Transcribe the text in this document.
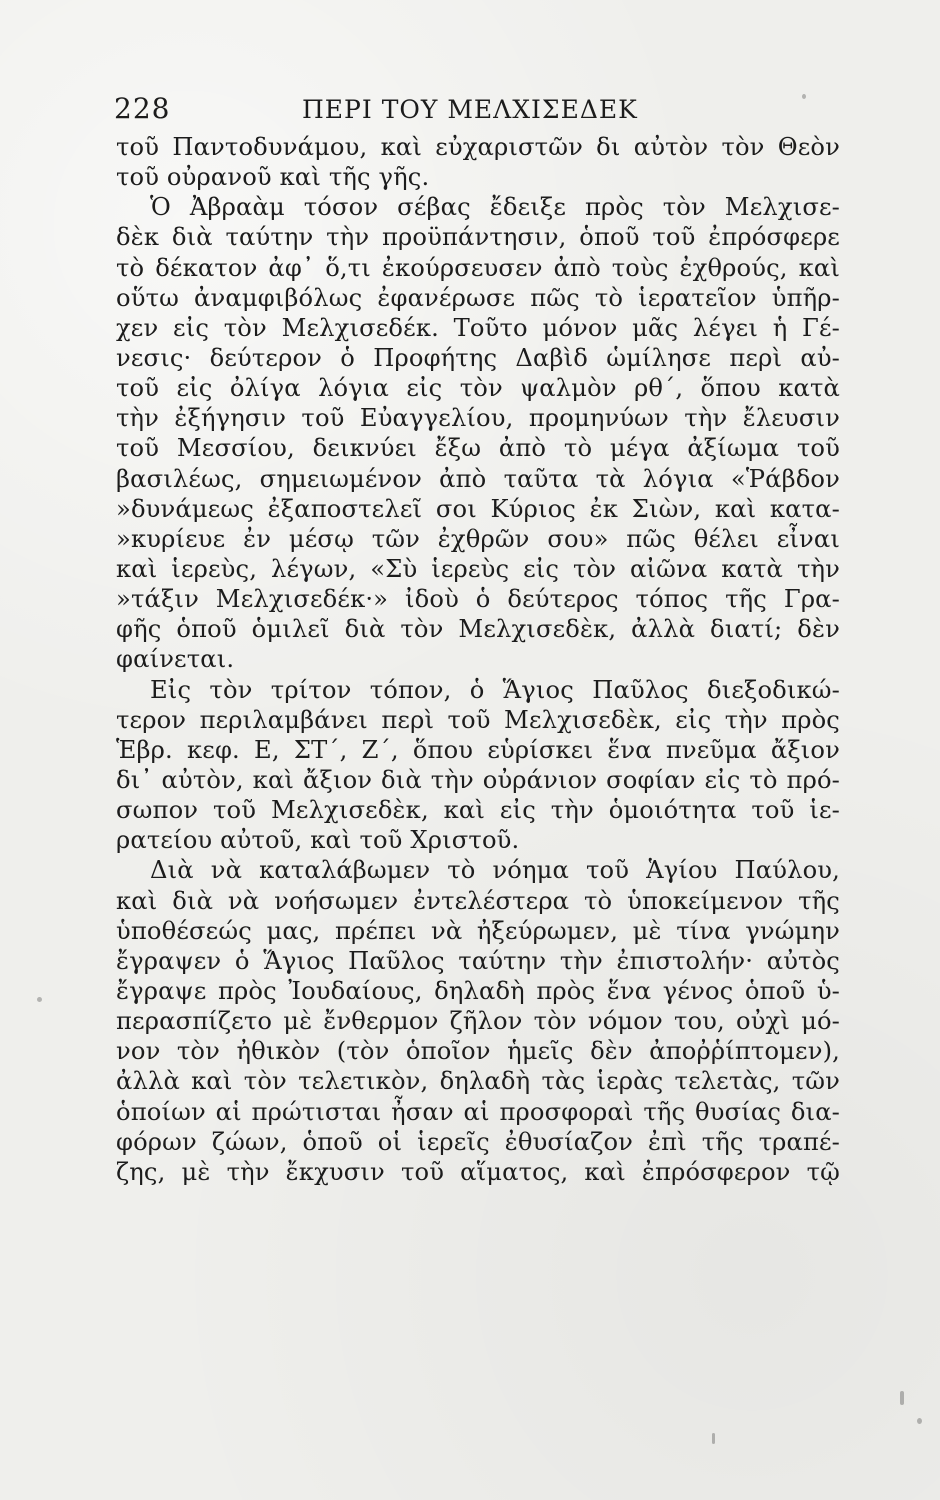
228	ΠΕΡΙ ΤΟΥ ΜΕΛΧΙΣΕΔΕΚ
τοῦ Παντοδυνάμου, καὶ εὐχαριστῶν δι αὐτὸν τὸν Θεὸν
τοῦ οὐρανοῦ καὶ τῆς γῆς.
Ὁ Ἀβραὰμ τόσον σέβας ἔδειξε πρὸς τὸν Μελχισε-
δὲκ διὰ ταύτην τὴν προϋπάντησιν, ὁποῦ τοῦ ἐπρόσφερε
τὸ δέκατον ἀφ᾽ ὅ,τι ἐκούρσευσεν ἀπὸ τοὺς ἐχθρούς, καὶ
οὕτω ἀναμφιβόλως ἐφανέρωσε πῶς τὸ ἱερατεῖον ὑπῆρ-
χεν εἰς τὸν Μελχισεδέκ. Τοῦτο μόνον μᾶς λέγει ἡ Γέ-
νεσις· δεύτερον ὁ Προφήτης Δαβὶδ ὡμίλησε περὶ αὐ-
τοῦ εἰς ὀλίγα λόγια εἰς τὸν ψαλμὸν ρθ΄, ὅπου κατὰ
τὴν ἐξήγησιν τοῦ Εὐαγγελίου, προμηνύων τὴν ἔλευσιν
τοῦ Μεσσίου, δεικνύει ἔξω ἀπὸ τὸ μέγα ἀξίωμα τοῦ
βασιλέως, σημειωμένον ἀπὸ ταῦτα τὰ λόγια «Ῥάβδον
»δυνάμεως ἐξαποστελεῖ σοι Κύριος ἐκ Σιὼν, καὶ κατα-
»κυρίευε ἐν μέσῳ τῶν ἐχθρῶν σου» πῶς θέλει εἶναι
καὶ ἱερεὺς, λέγων, «Σὺ ἱερεὺς εἰς τὸν αἰῶνα κατὰ τὴν
»τάξιν Μελχισεδέκ·» ἰδοὺ ὁ δεύτερος τόπος τῆς Γρα-
φῆς ὁποῦ ὁμιλεῖ διὰ τὸν Μελχισεδὲκ, ἀλλὰ διατί; δὲν
φαίνεται.
Εἰς τὸν τρίτον τόπον, ὁ Ἅγιος Παῦλος διεξοδικώ-
τερον περιλαμβάνει περὶ τοῦ Μελχισεδὲκ, εἰς τὴν πρὸς
Ἑβρ. κεφ. Ε, ΣΤ΄, Ζ΄, ὅπου εὑρίσκει ἕνα πνεῦμα ἄξιον
δι᾽ αὐτὸν, καὶ ἄξιον διὰ τὴν οὐράνιον σοφίαν εἰς τὸ πρό-
σωπον τοῦ Μελχισεδὲκ, καὶ εἰς τὴν ὁμοιότητα τοῦ ἱε-
ρατείου αὐτοῦ, καὶ τοῦ Χριστοῦ.
Διὰ νὰ καταλάβωμεν τὸ νόημα τοῦ Ἁγίου Παύλου,
καὶ διὰ νὰ νοήσωμεν ἐντελέστερα τὸ ὑποκείμενον τῆς
ὑποθέσεώς μας, πρέπει νὰ ἠξεύρωμεν, μὲ τίνα γνώμην
ἔγραψεν ὁ Ἅγιος Παῦλος ταύτην τὴν ἐπιστολήν· αὐτὸς
ἔγραψε πρὸς Ἰουδαίους, δηλαδὴ πρὸς ἕνα γένος ὁποῦ ὑ-
περασπίζετο μὲ ἔνθερμον ζῆλον τὸν νόμον του, οὐχὶ μό-
νον τὸν ἠθικὸν (τὸν ὁποῖον ἡμεῖς δὲν ἀποῤῥίπτομεν),
ἀλλὰ καὶ τὸν τελετικὸν, δηλαδὴ τὰς ἱερὰς τελετὰς, τῶν
ὁποίων αἱ πρώτισται ἦσαν αἱ προσφοραὶ τῆς θυσίας δια-
φόρων ζώων, ὁποῦ οἱ ἱερεῖς ἐθυσίαζον ἐπὶ τῆς τραπέ-
ζης, μὲ τὴν ἔκχυσιν τοῦ αἵματος, καὶ ἐπρόσφερον τῷ
